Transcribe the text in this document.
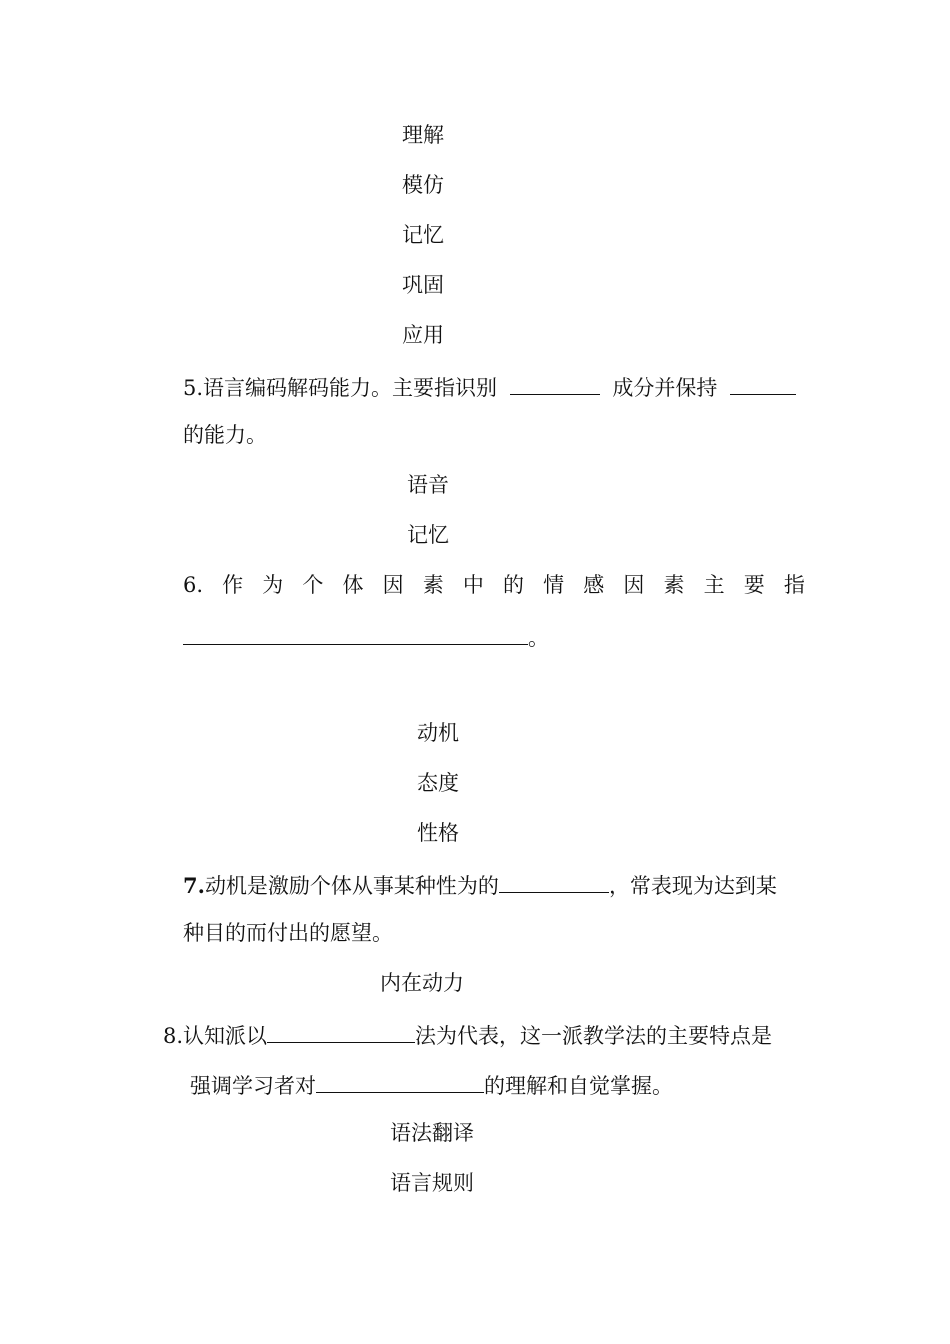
理解
模仿
记忆
巩固
应用
5.语言编码解码能力。主要指识别	成分并保持
的能力。
语音
记忆
6. 作 为 个 体 因 素 中 的 情 感 因 素 主 要 指
。
动机
态度
性格
7.动机是激励个体从事某种性为的	，常表现为达到某
种目的而付出的愿望。
内在动力
8.认知派以	法为代表，这一派教学法的主要特点是
强调学习者对	的理解和自觉掌握。
语法翻译
语言规则
